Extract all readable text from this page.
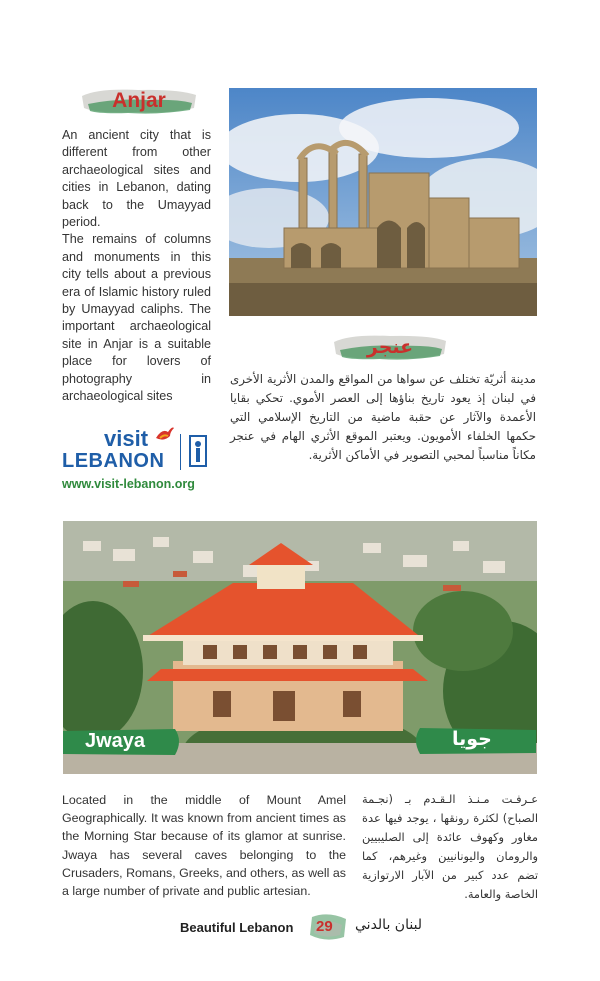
Anjar
An ancient city that is different from other archaeological sites and cities in Lebanon, dating back to the Umayyad period.
The remains of columns and monuments in this city tells about a previous era of Islamic history ruled by Umayyad caliphs. The important archaeological site in Anjar is a suitable place for lovers of photography in archaeological sites
عنجر
مدينة أثريّة تختلف عن سواها من المواقع والمدن الأثرية الأخرى في لبنان إذ يعود تاريخ بناؤها إلى العصر الأموي. تحكي بقايا الأعمدة والآثار عن حقبة ماضية من التاريخ الإسلامي التي حكمها الخلفاء الأمويون. ويعتبر الموقع الأثري الهام في عنجر مكاناً مناسباً لمحبي التصوير في الأماكن الأثرية.
visit
LEBANON
www.visit-lebanon.org
Jwaya	جويا
Located in the middle of Mount Amel Geographically. It was known from ancient times as the Morning Star because of its glamor at sunrise. Jwaya has several caves belonging to the Crusaders, Romans, Greeks, and others, as well as a large number of private and public artesian.
عـرفـت مـنـذ الـقـدم بـ (نجـمة الصباح) لكثرة رونقها ، يوجد فيها عدة مغاور وكهوف عائدة إلى الصليبيين والرومان واليونانيين وغيرهم، كما تضم عدد كبير من الآبار الارتوازية الخاصة والعامة.
Beautiful Lebanon 29 لبنان بالدني
